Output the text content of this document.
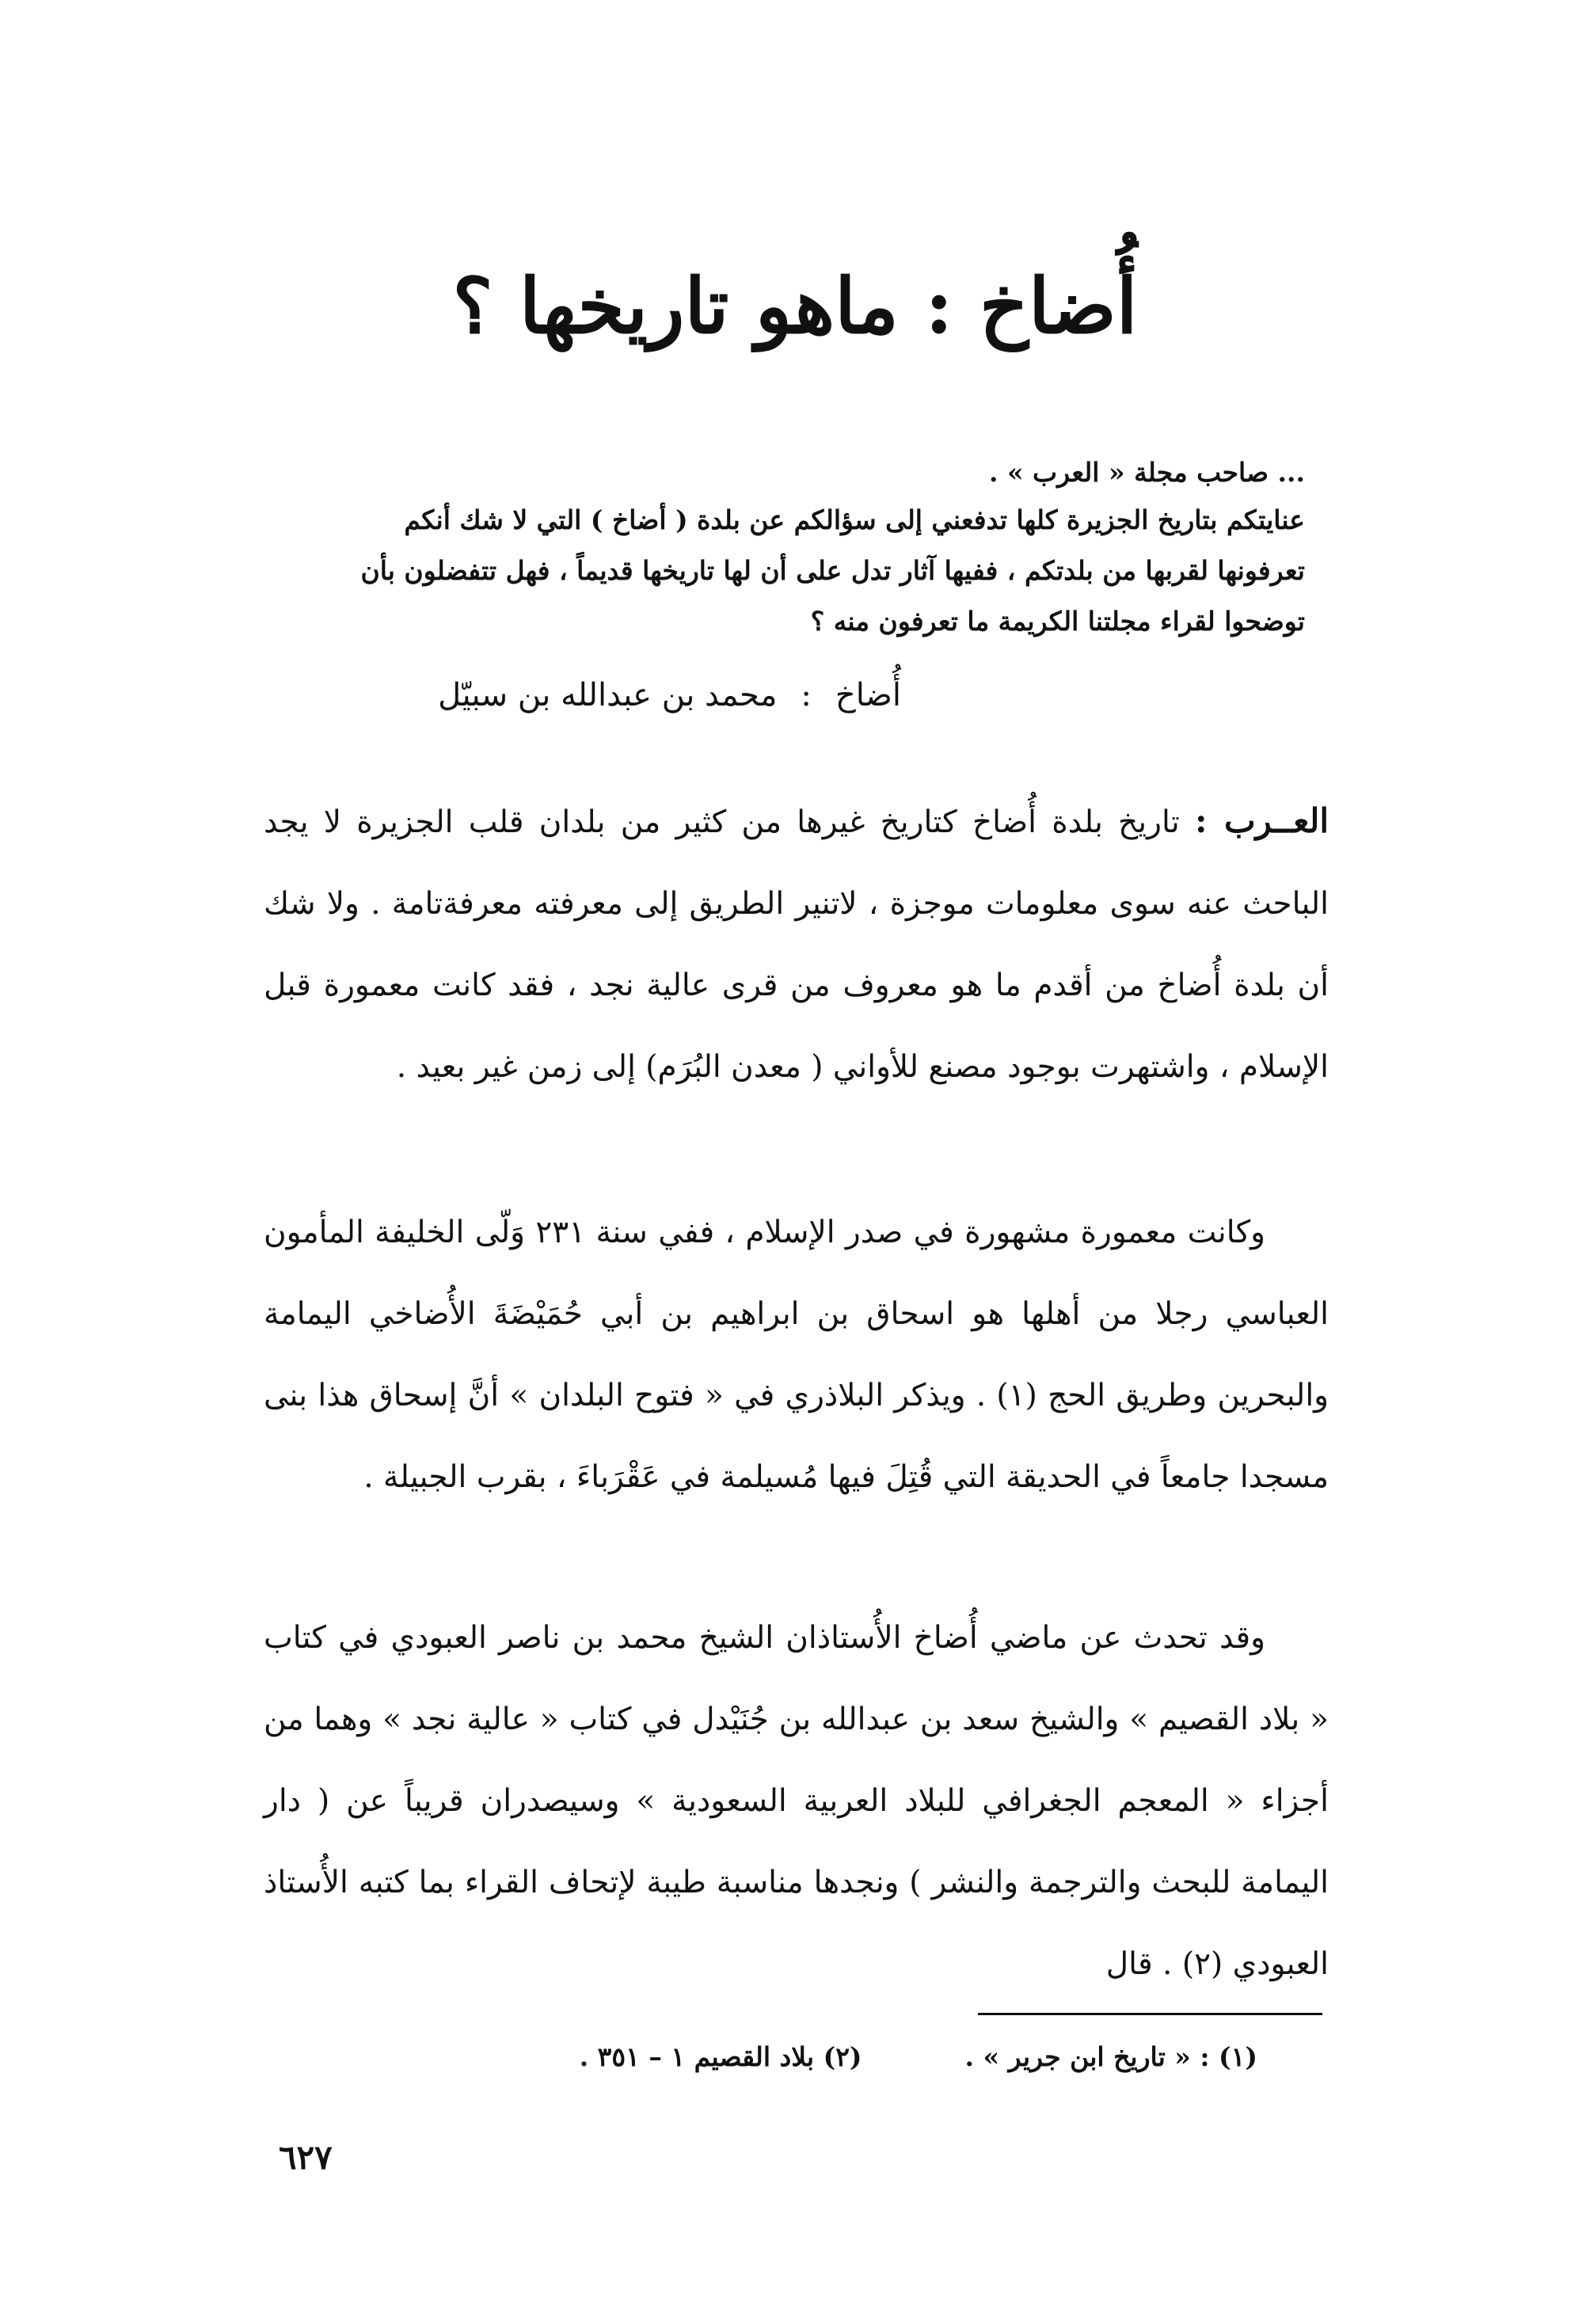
أُضاخ : ماهو تاريخها ؟
... صاحب مجلة « العرب » .
عنايتكم بتاريخ الجزيرة كلها تدفعني إلى سؤالكم عن بلدة ( أضاخ ) التي لا شك أنكم
تعرفونها لقربها من بلدتكم ، ففيها آثار تدل على أن لها تاريخها قديماً ، فهل تتفضلون بأن
توضحوا لقراء مجلتنا الكريمة ما تعرفون منه ؟
أُضاخ:محمد بن عبدالله بن سبيّل
العــرب : تاريخ بلدة أُضاخ كتاريخ غيرها من كثير من بلدان قلب الجزيرة لا يجد الباحث عنه سوى معلومات موجزة ، لاتنير الطريق إلى معرفته معرفةتامة . ولا شك أن بلدة أُضاخ من أقدم ما هو معروف من قرى عالية نجد ، فقد كانت معمورة قبل الإسلام ، واشتهرت بوجود مصنع للأواني ( معدن البُرَم) إلى زمن غير بعيد .
وكانت معمورة مشهورة في صدر الإسلام ، ففي سنة ٢٣١ وَلّى الخليفة المأمون العباسي رجلا من أهلها هو اسحاق بن ابراهيم بن أبي حُمَيْضَةَ الأُضاخي اليمامة والبحرين وطريق الحج (١) . ويذكر البلاذري في « فتوح البلدان » أنَّ إسحاق هذا بنى مسجدا جامعاً في الحديقة التي قُتِلَ فيها مُسيلمة في عَقْرَباءَ ، بقرب الجبيلة .
وقد تحدث عن ماضي أُضاخ الأُستاذان الشيخ محمد بن ناصر العبودي في كتاب « بلاد القصيم » والشيخ سعد بن عبدالله بن جُنَيْدل في كتاب « عالية نجد » وهما من أجزاء « المعجم الجغرافي للبلاد العربية السعودية » وسيصدران قريباً عن ( دار اليمامة للبحث والترجمة والنشر ) ونجدها مناسبة طيبة لإتحاف القراء بما كتبه الأُستاذ العبودي (٢) . قال
(١) : « تاريخ ابن جرير » .(٢) بلاد القصيم ١ – ٣٥١ .
٦٢٧
